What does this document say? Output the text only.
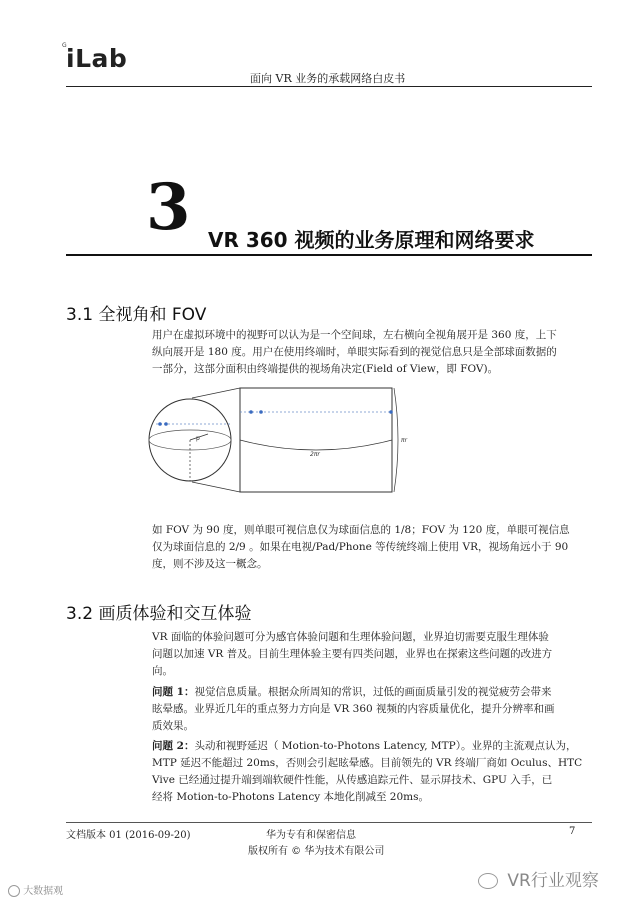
G iLab
面向 VR 业务的承载网络白皮书
3 VR 360 视频的业务原理和网络要求
3.1 全视角和 FOV
用户在虚拟环境中的视野可以认为是一个空间球，左右横向全视角展开是 360 度，上下
纵向展开是 180 度。用户在使用终端时，单眼实际看到的视觉信息只是全部球面数据的
一部分，这部分面积由终端提供的视场角决定(Field of View，即 FOV)。
p
2πr
πr
如 FOV 为 90 度，则单眼可视信息仅为球面信息的 1/8；FOV 为 120 度，单眼可视信息
仅为球面信息的 2/9 。如果在电视/Pad/Phone 等传统终端上使用 VR，视场角远小于 90
度，则不涉及这一概念。
3.2 画质体验和交互体验
VR 面临的体验问题可分为感官体验问题和生理体验问题，业界迫切需要克服生理体验
问题以加速 VR 普及。目前生理体验主要有四类问题，业界也在探索这些问题的改进方
向。
问题 1：视觉信息质量。根据众所周知的常识，过低的画面质量引发的视觉疲劳会带来
眩晕感。业界近几年的重点努力方向是 VR 360 视频的内容质量优化，提升分辨率和画
质效果。
问题 2：头动和视野延迟（ Motion-to-Photons Latency, MTP）。业界的主流观点认为，
MTP 延迟不能超过 20ms，否则会引起眩晕感。目前领先的 VR 终端厂商如 Oculus、HTC
Vive 已经通过提升端到端软硬件性能，从传感追踪元件、显示屏技术、GPU 入手，已
经将 Motion-to-Photons Latency 本地化削减至 20ms。
文档版本 01 (2016-09-20)	华为专有和保密信息
版权所有 © 华为技术有限公司
7
大数据观
VR行业观察
